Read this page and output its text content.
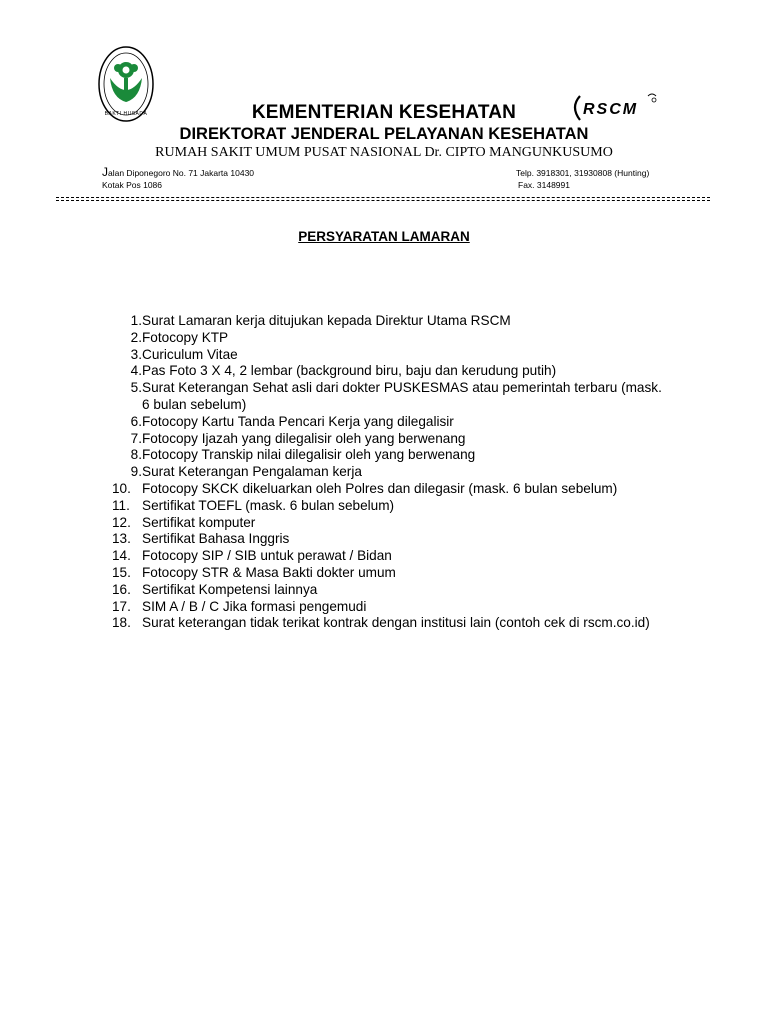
BAKTI HUSADA	RSCM
KEMENTERIAN KESEHATAN
DIREKTORAT JENDERAL PELAYANAN KESEHATAN
RUMAH SAKIT UMUM PUSAT NASIONAL Dr. CIPTO MANGUNKUSUMO
Jalan Diponegoro No. 71 Jakarta 10430
Kotak Pos 1086
Telp. 3918301, 31930808 (Hunting)
Fax. 3148991
PERSYARATAN LAMARAN
1. Surat Lamaran kerja ditujukan kepada Direktur Utama RSCM
2. Fotocopy KTP
3. Curiculum Vitae
4. Pas Foto 3 X 4, 2 lembar (background biru, baju dan kerudung putih)
5. Surat Keterangan Sehat asli dari dokter PUSKESMAS atau pemerintah terbaru (mask. 6 bulan sebelum)
6. Fotocopy Kartu Tanda Pencari Kerja yang dilegalisir
7. Fotocopy Ijazah yang dilegalisir oleh yang berwenang
8. Fotocopy Transkip nilai dilegalisir oleh yang berwenang
9. Surat Keterangan Pengalaman kerja
10. Fotocopy SKCK dikeluarkan oleh Polres dan dilegasir (mask. 6 bulan sebelum)
11. Sertifikat TOEFL (mask. 6 bulan sebelum)
12. Sertifikat komputer
13. Sertifikat Bahasa Inggris
14. Fotocopy SIP / SIB untuk perawat / Bidan
15. Fotocopy STR & Masa Bakti dokter umum
16. Sertifikat Kompetensi lainnya
17. SIM A / B / C Jika formasi pengemudi
18. Surat keterangan tidak terikat kontrak dengan institusi lain (contoh cek di rscm.co.id)
